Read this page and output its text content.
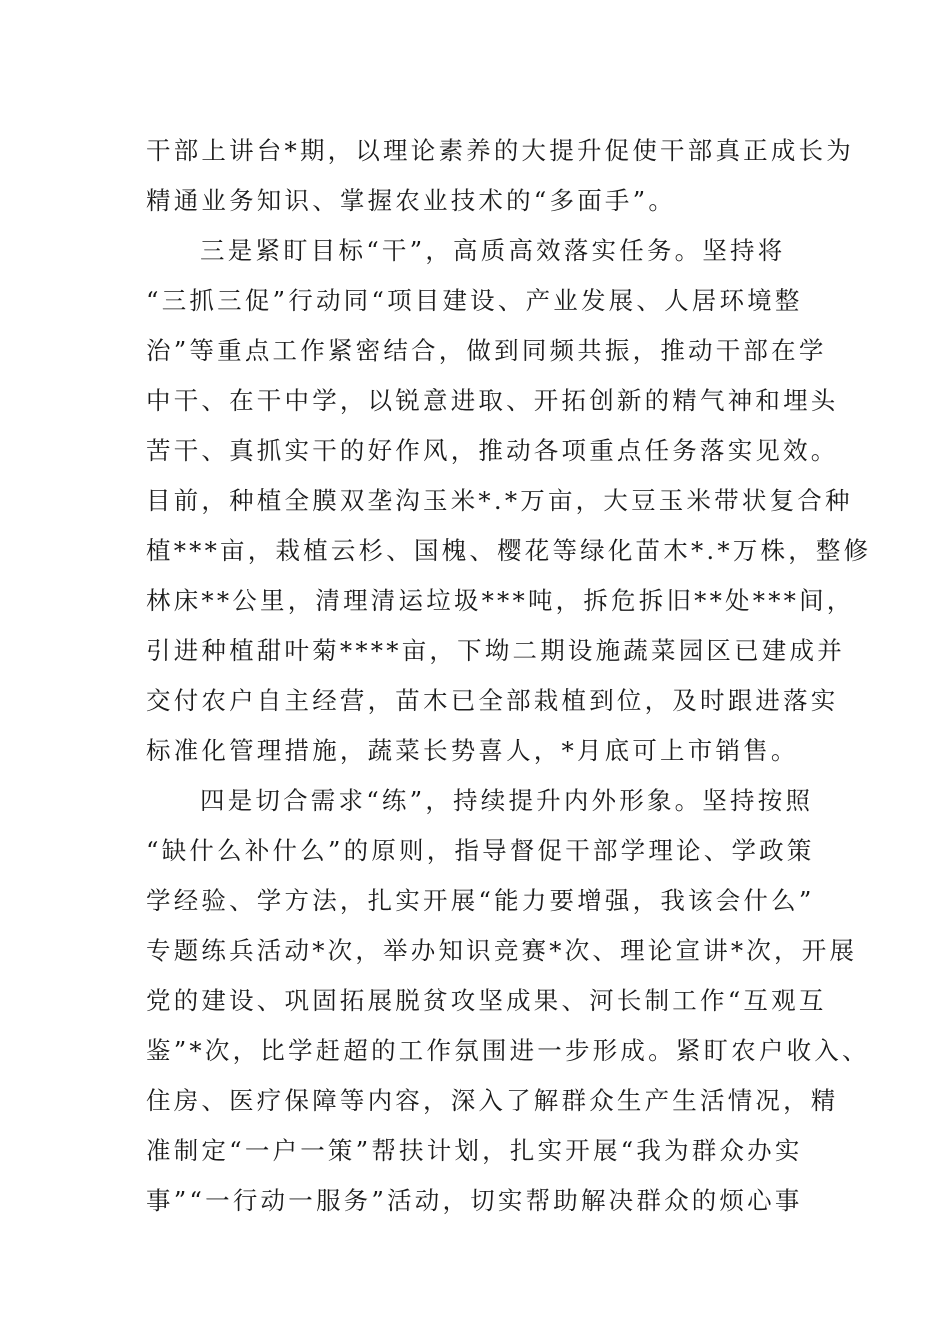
干部上讲台*期，以理论素养的大提升促使干部真正成长为
精通业务知识、掌握农业技术的“多面手”。
三是紧盯目标“干”，高质高效落实任务。坚持将
“三抓三促”行动同“项目建设、产业发展、人居环境整
治”等重点工作紧密结合，做到同频共振，推动干部在学
中干、在干中学，以锐意进取、开拓创新的精气神和埋头
苦干、真抓实干的好作风，推动各项重点任务落实见效。
目前，种植全膜双垄沟玉米*.*万亩，大豆玉米带状复合种
植***亩，栽植云杉、国槐、樱花等绿化苗木*.*万株，整修
林床**公里，清理清运垃圾***吨，拆危拆旧**处***间，
引进种植甜叶菊****亩，下坳二期设施蔬菜园区已建成并
交付农户自主经营，苗木已全部栽植到位，及时跟进落实
标准化管理措施，蔬菜长势喜人，*月底可上市销售。
四是切合需求“练”，持续提升内外形象。坚持按照
“缺什么补什么”的原则，指导督促干部学理论、学政策
学经验、学方法，扎实开展“能力要增强，我该会什么”
专题练兵活动*次，举办知识竞赛*次、理论宣讲*次，开展
党的建设、巩固拓展脱贫攻坚成果、河长制工作“互观互
鉴”*次，比学赶超的工作氛围进一步形成。紧盯农户收入、
住房、医疗保障等内容，深入了解群众生产生活情况，精
准制定“一户一策”帮扶计划，扎实开展“我为群众办实
事”“一行动一服务”活动，切实帮助解决群众的烦心事
